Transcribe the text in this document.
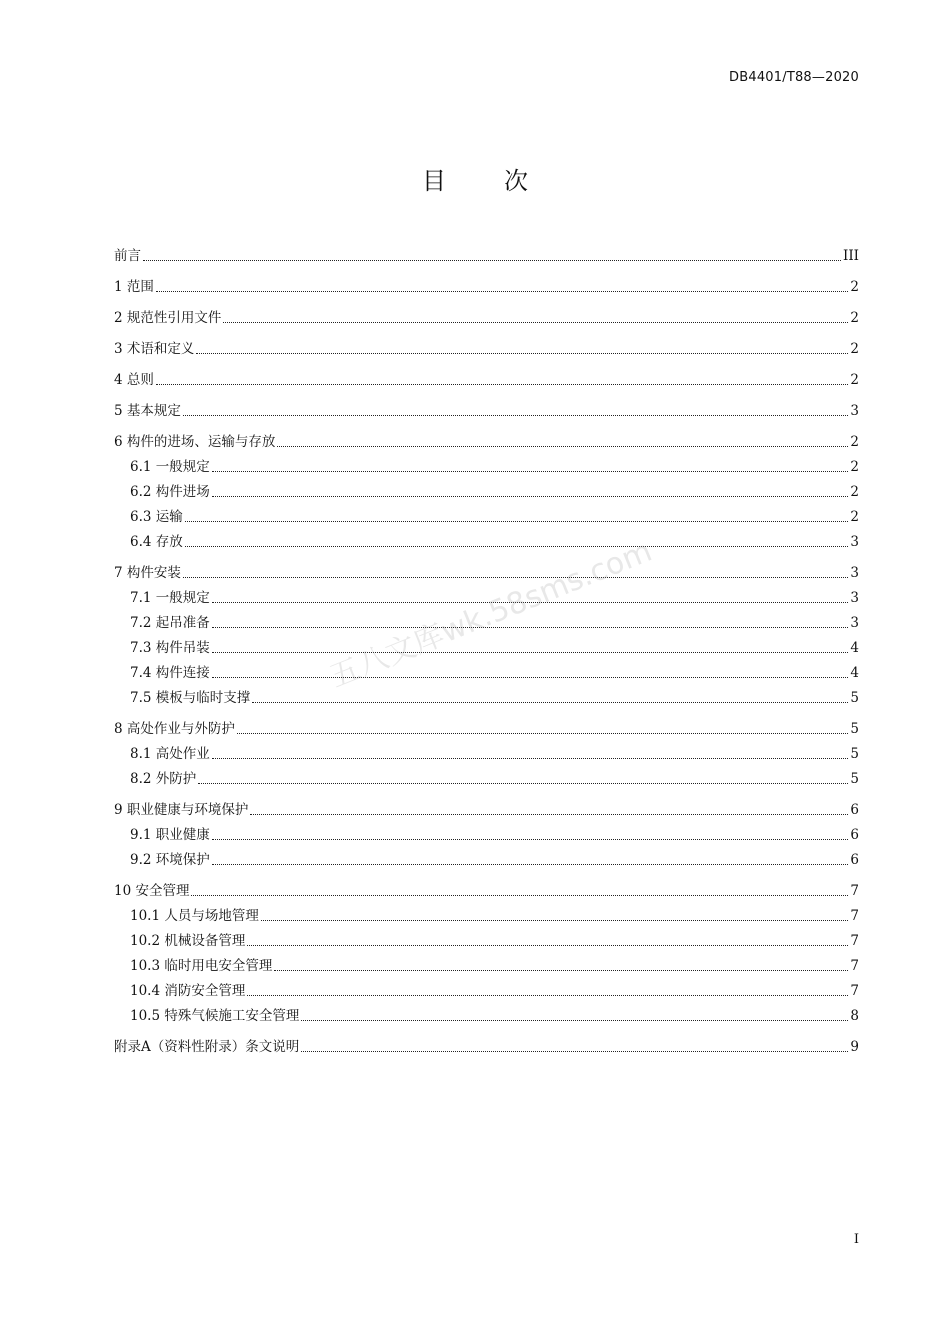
DB4401/T88—2020
目次
前言	III
1 范围	2
2 规范性引用文件	2
3 术语和定义	2
4 总则	2
5 基本规定	3
6 构件的进场、运输与存放	2
6.1 一般规定	2
6.2 构件进场	2
6.3 运输	2
6.4 存放	3
7 构件安装	3
7.1 一般规定	3
7.2 起吊准备	3
7.3 构件吊装	4
7.4 构件连接	4
7.5 模板与临时支撑	5
8 高处作业与外防护	5
8.1 高处作业	5
8.2 外防护	5
9 职业健康与环境保护	6
9.1 职业健康	6
9.2 环境保护	6
10 安全管理	7
10.1 人员与场地管理	7
10.2 机械设备管理	7
10.3 临时用电安全管理	7
10.4 消防安全管理	7
10.5 特殊气候施工安全管理	8
附录A（资料性附录）条文说明	9
五八文库wk.58sms.com
I
